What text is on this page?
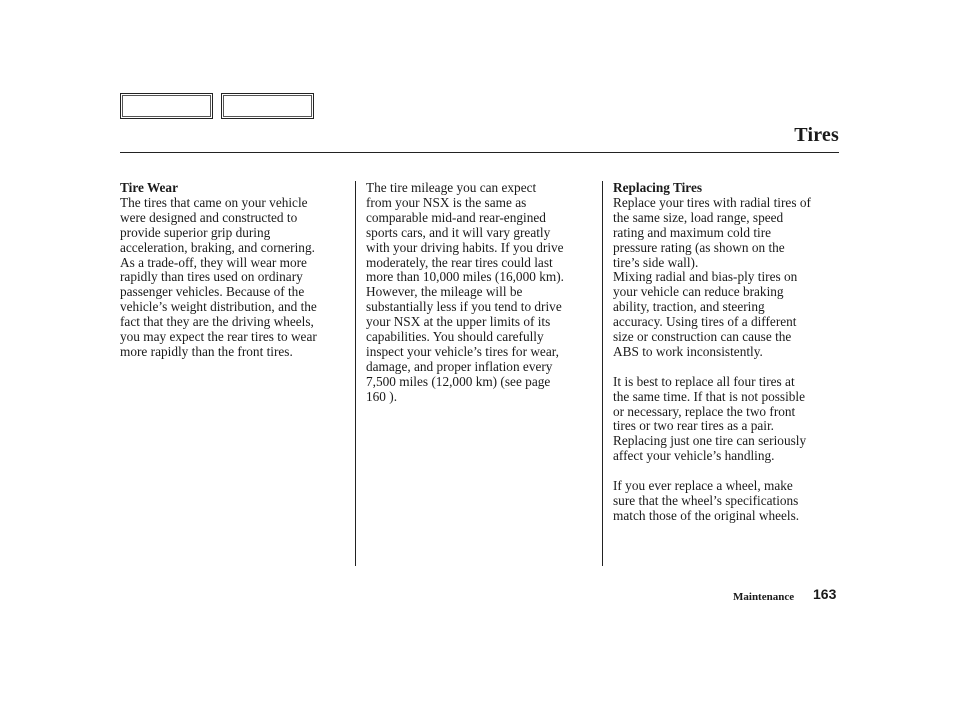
Tires
Tire Wear
The tires that came on your vehicle
were designed and constructed to
provide superior grip during
acceleration, braking, and cornering.
As a trade-off, they will wear more
rapidly than tires used on ordinary
passenger vehicles. Because of the
vehicle’s weight distribution, and the
fact that they are the driving wheels,
you may expect the rear tires to wear
more rapidly than the front tires.
The tire mileage you can expect
from your NSX is the same as
comparable mid-and rear-engined
sports cars, and it will vary greatly
with your driving habits. If you drive
moderately, the rear tires could last
more than 10,000 miles (16,000 km).
However, the mileage will be
substantially less if you tend to drive
your NSX at the upper limits of its
capabilities. You should carefully
inspect your vehicle’s tires for wear,
damage, and proper inflation every
7,500 miles (12,000 km) (see page
160 ).
Replacing Tires
Replace your tires with radial tires of
the same size, load range, speed
rating and maximum cold tire
pressure rating (as shown on the
tire’s side wall).
Mixing radial and bias-ply tires on
your vehicle can reduce braking
ability, traction, and steering
accuracy. Using tires of a different
size or construction can cause the
ABS to work inconsistently.
It is best to replace all four tires at
the same time. If that is not possible
or necessary, replace the two front
tires or two rear tires as a pair.
Replacing just one tire can seriously
affect your vehicle’s handling.
If you ever replace a wheel, make
sure that the wheel’s specifications
match those of the original wheels.
Maintenance 163
